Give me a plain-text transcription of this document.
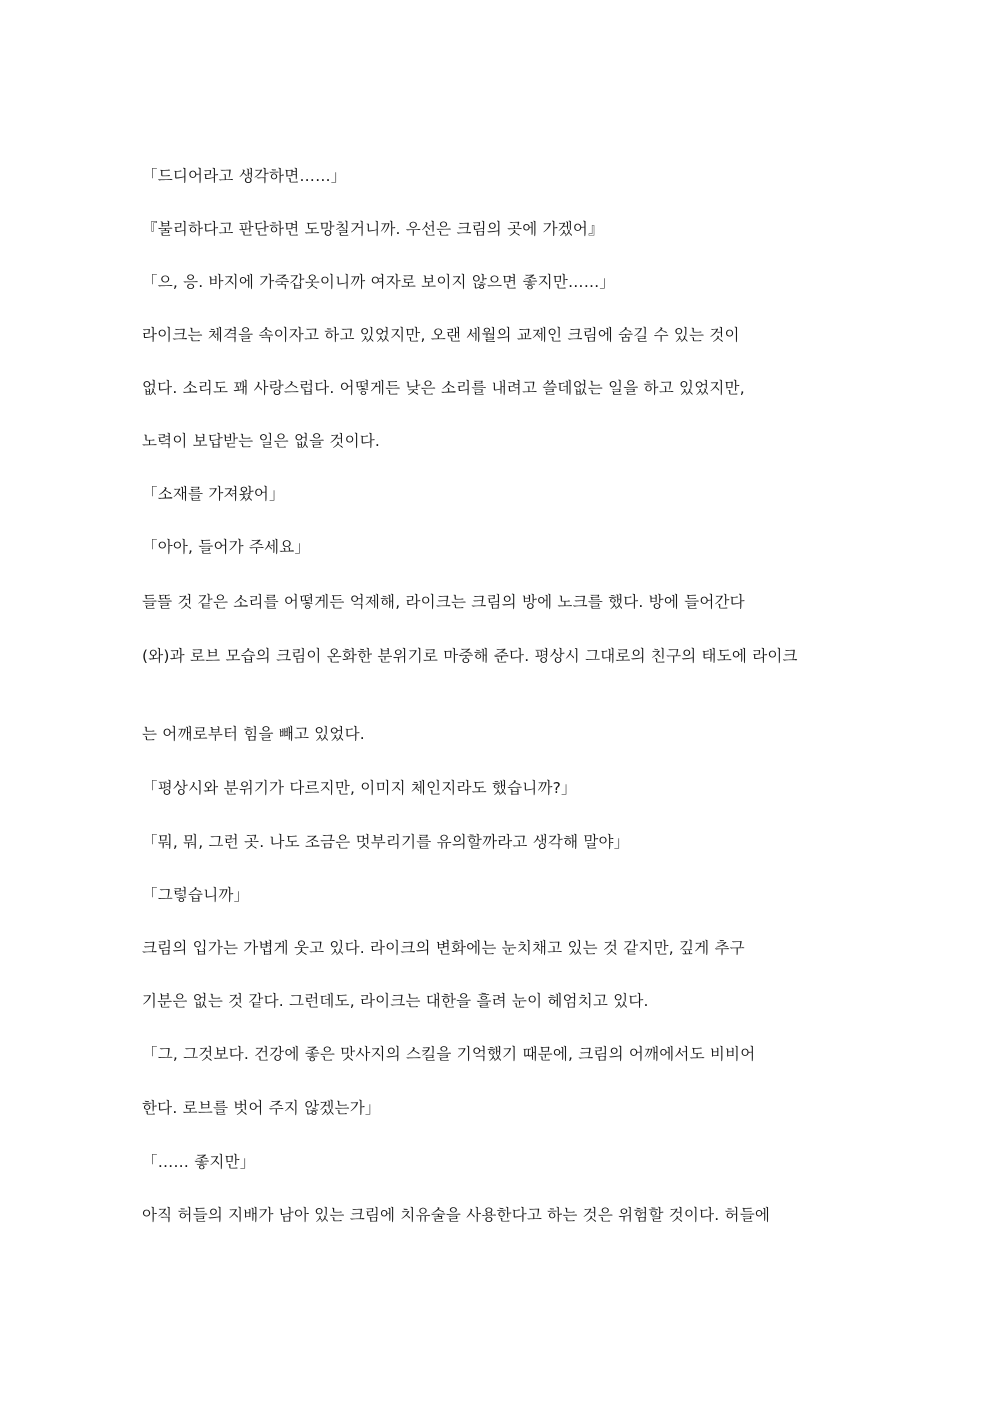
「드디어라고 생각하면……」
『불리하다고 판단하면 도망칠거니까. 우선은 크림의 곳에 가겠어』
「으, 응. 바지에 가죽갑옷이니까 여자로 보이지 않으면 좋지만……」
라이크는 체격을 속이자고 하고 있었지만, 오랜 세월의 교제인 크림에 숨길 수 있는 것이
없다. 소리도 꽤 사랑스럽다. 어떻게든 낮은 소리를 내려고 쓸데없는 일을 하고 있었지만,
노력이 보답받는 일은 없을 것이다.
「소재를 가져왔어」
「아아, 들어가 주세요」
들뜰 것 같은 소리를 어떻게든 억제해, 라이크는 크림의 방에 노크를 했다. 방에 들어간다
(와)과 로브 모습의 크림이 온화한 분위기로 마중해 준다. 평상시 그대로의 친구의 태도에 라이크
는 어깨로부터 힘을 빼고 있었다.
「평상시와 분위기가 다르지만, 이미지 체인지라도 했습니까?」
「뭐, 뭐, 그런 곳. 나도 조금은 멋부리기를 유의할까라고 생각해 말야」
「그렇습니까」
크림의 입가는 가볍게 웃고 있다. 라이크의 변화에는 눈치채고 있는 것 같지만, 깊게 추구
기분은 없는 것 같다. 그런데도, 라이크는 대한을 흘려 눈이 헤엄치고 있다.
「그, 그것보다. 건강에 좋은 맛사지의 스킬을 기억했기 때문에, 크림의 어깨에서도 비비어
한다. 로브를 벗어 주지 않겠는가」
「…… 좋지만」
아직 허들의 지배가 남아 있는 크림에 치유술을 사용한다고 하는 것은 위험할 것이다. 허들에
